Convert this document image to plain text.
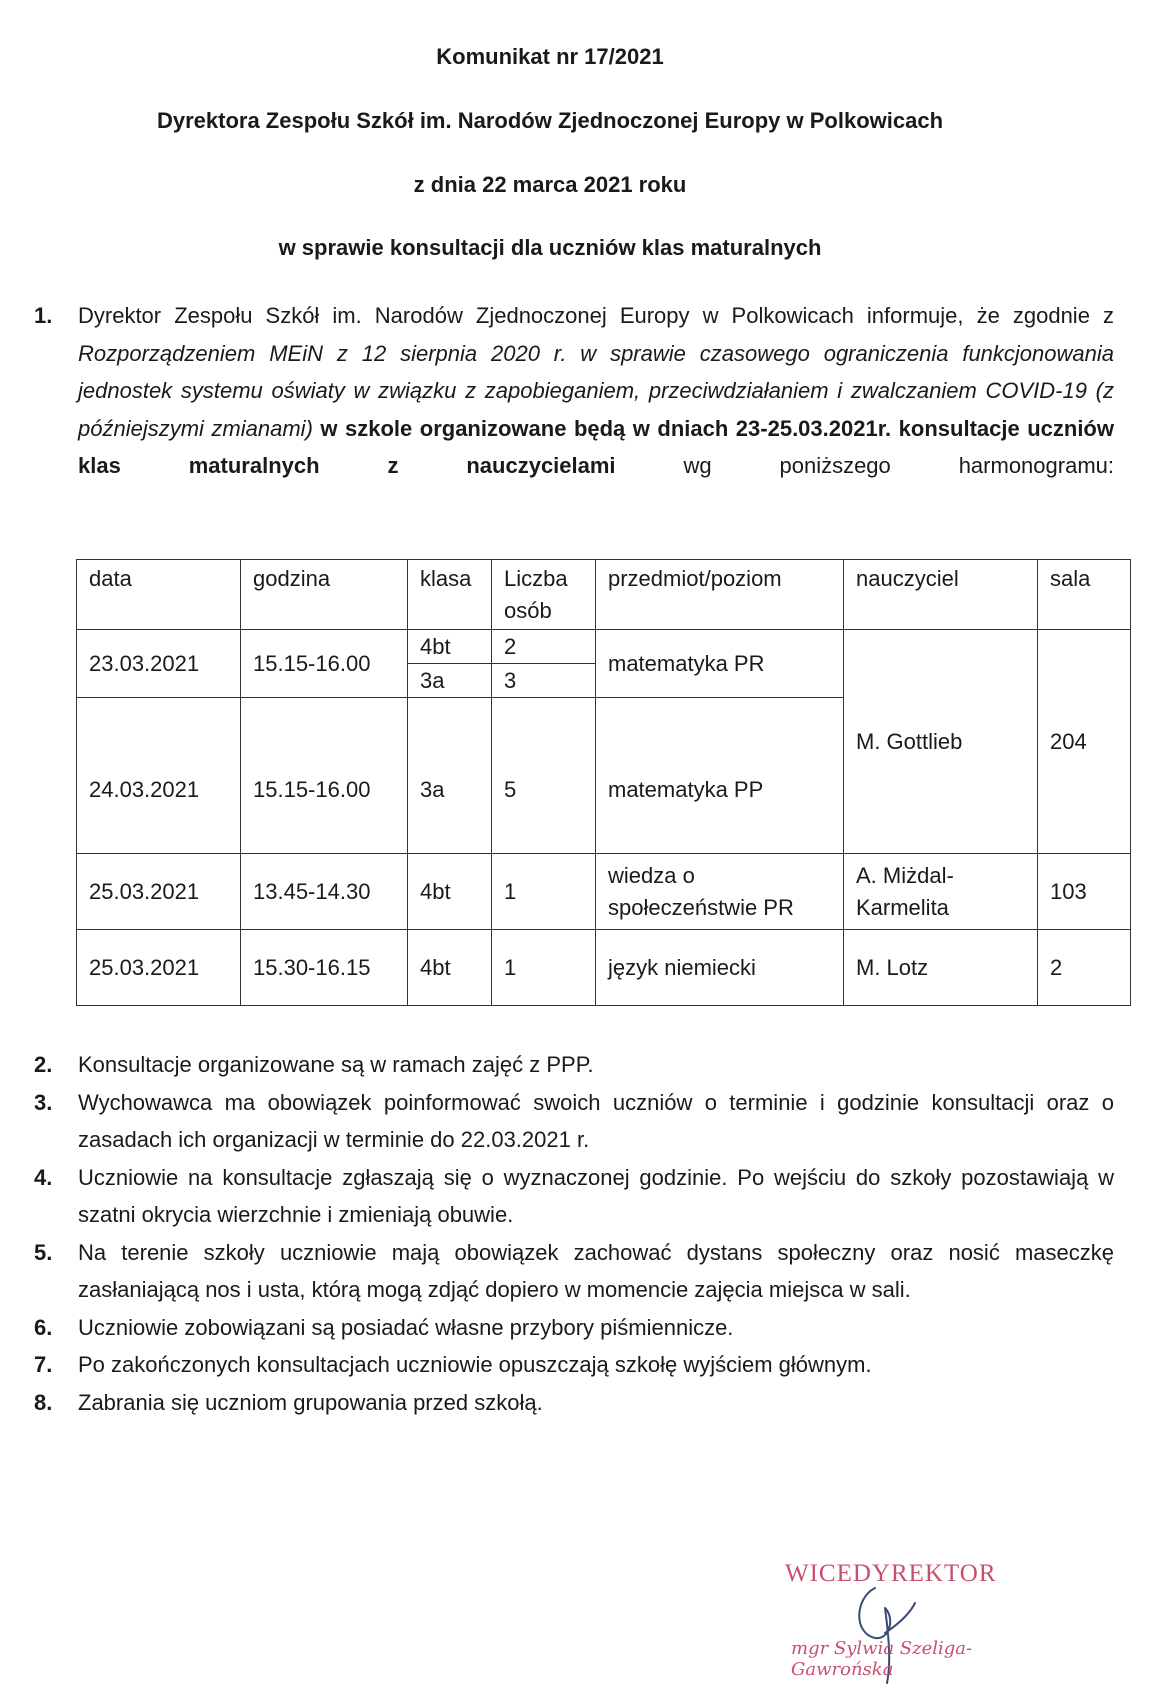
Komunikat nr 17/2021
Dyrektora Zespołu Szkół im. Narodów Zjednoczonej Europy w Polkowicach
z dnia 22 marca 2021 roku
w sprawie konsultacji dla uczniów klas maturalnych
1. Dyrektor Zespołu Szkół im. Narodów Zjednoczonej Europy w Polkowicach informuje, że zgodnie z Rozporządzeniem MEiN z 12 sierpnia 2020 r. w sprawie czasowego ograniczenia funkcjonowania jednostek systemu oświaty w związku z zapobieganiem, przeciwdziałaniem i zwalczaniem COVID-19 (z późniejszymi zmianami) w szkole organizowane będą w dniach 23-25.03.2021r. konsultacje uczniów klas maturalnych z nauczycielami wg poniższego harmonogramu:
data	godzina	klasa	Liczba osób	przedmiot/poziom	nauczyciel	sala
23.03.2021	15.15-16.00	4bt	2	matematyka PR	M. Gottlieb	204
		3a	3			
24.03.2021	15.15-16.00	3a	5	matematyka PP		
25.03.2021	13.45-14.30	4bt	1	wiedza o społeczeństwie PR	A. Miżdal-Karmelita	103
25.03.2021	15.30-16.15	4bt	1	język niemiecki	M. Lotz	2
2. Konsultacje organizowane są w ramach zajęć z PPP.
3. Wychowawca ma obowiązek poinformować swoich uczniów o terminie i godzinie konsultacji oraz o zasadach ich organizacji w terminie do 22.03.2021 r.
4. Uczniowie na konsultacje zgłaszają się o wyznaczonej godzinie. Po wejściu do szkoły pozostawiają w szatni okrycia wierzchnie i zmieniają obuwie.
5. Na terenie szkoły uczniowie mają obowiązek zachować dystans społeczny oraz nosić maseczkę zasłaniającą nos i usta, którą mogą zdjąć dopiero w momencie zajęcia miejsca w sali.
6. Uczniowie zobowiązani są posiadać własne przybory piśmiennicze.
7. Po zakończonych konsultacjach uczniowie opuszczają szkołę wyjściem głównym.
8. Zabrania się uczniom grupowania przed szkołą.
WICEDYREKTOR
mgr Sylwia Szeliga-Gawrońska
